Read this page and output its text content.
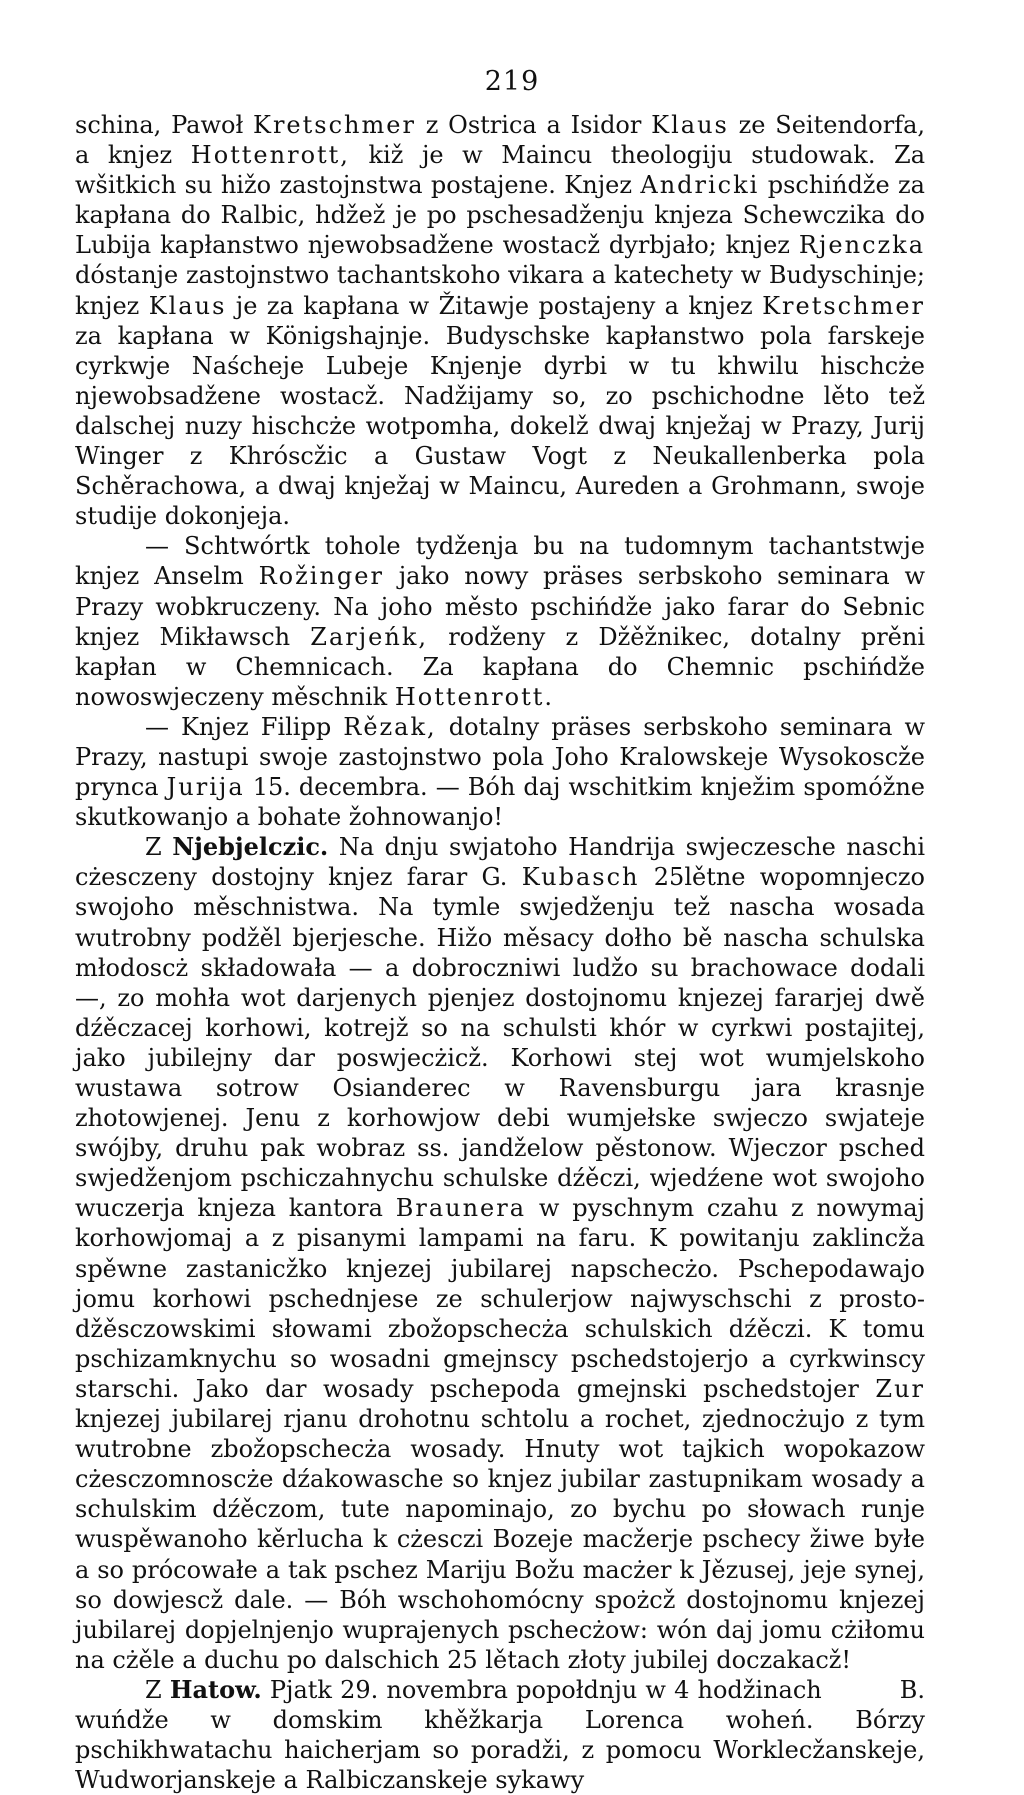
219

schina, Pawoł Kretschmer z Ostrica a Isidor Klaus ze Seitendorfa, a knjez Hottenrott, kiž je w Maincu theologiju studowak. Za wšitkich su hižo zastojnstwa postajene. Knjez Andricki pschińdže za kapłana do Ralbic, hdžež je po pschesadženju knjeza Schewczika do Lubija kapłanstwo njewobsadžene wostacž dyrbjało; knjez Rjenczka dóstanje zastojnstwo tachantskoho vikara a katechety w Budyschinje; knjez Klaus je za kapłana w Žitawje postajeny a knjez Kretschmer za kapłana w Königshajnje. Budyschske kapłanstwo pola farskeje cyrkwje Naścheje Lubeje Knjenje dyrbi w tu khwilu hischcże njewobsadžene wostacž. Nadžijamy so, zo pschichodne lěto tež dalschej nuzy hischcże wotpomha, dokelž dwaj knježaj w Prazy, Jurij Winger z Khróscžic a Gustaw Vogt z Neukallenberka pola Schěrachowa, a dwaj knježaj w Maincu, Aureden a Grohmann, swoje studije dokonjeja.

— Schtwórtk tohole tydženja bu na tudomnym tachantstwje knjez Anselm Rožinger jako nowy präses serbskoho seminara w Prazy wobkruczeny. Na joho město pschińdže jako farar do Sebnic knjez Mikławsch Zarjeńk, rodženy z Džěžnikec, dotalny prěni kapłan w Chemnicach. Za kapłana do Chemnic pschińdže nowoswjeczeny měschnik Hottenrott.

— Knjez Filipp Rězak, dotalny präses serbskoho seminara w Prazy, nastupi swoje zastojnstwo pola Joho Kralowskeje Wysokoscže prynca Jurija 15. decembra. — Bóh daj wschitkim knježim spomóžne skutkowanjo a bohate žohnowanjo!

Z Njebjelczic. Na dnju swjatoho Handrija swjeczesche naschi cżesczeny dostojny knjez farar G. Kubasch 25lětne wopomnjeczo swojoho měschnistwa. Na tymle swjedženju tež nascha wosada wutrobny podžěl bjerjesche. Hižo měsacy dołho bě nascha schulska młodoscż składowała — a dobroczniwi ludžo su brachowace dodali —, zo mohła wot darjenych pjenjez dostojnomu knjezej fararjej dwě dźěczacej korhowi, kotrejž so na schulsti khór w cyrkwi postajitej, jako jubilejny dar poswjecżicž. Korhowi stej wot wumjelskoho wustawa sotrow Osianderec w Ravensburgu jara krasnje zhotowjenej. Jenu z korhowjow debi wumjełske swjeczo swjateje swójby, druhu pak wobraz ss. jandželow pěstonow. Wjeczor psched swjedženjom pschiczahnychu schulske dźěczi, wjedźene wot swojoho wuczerja knjeza kantora Braunera w pyschnym czahu z nowymaj korhowjomaj a z pisanymi lampami na faru. K powitanju zaklincža spěwne zastanicžko knjezej jubilarej napschecżo. Pschepodawajo jomu korhowi pschednjese ze schulerjow najwyschschi z prosto-džěsczowskimi słowami zbožopschecża schulskich dźěczi. K tomu pschizamknychu so wosadni gmejnscy pschedstojerjo a cyrkwinscy starschi. Jako dar wosady pschepoda gmejnski pschedstojer Zur knjezej jubilarej rjanu drohotnu schtolu a rochet, zjednocżujo z tym wutrobne zbožopschecża wosady. Hnuty wot tajkich wopokazow cżesczomnoscże dźakowasche so knjez jubilar zastupnikam wosady a schulskim dźěczom, tute napominajo, zo bychu po słowach runje wuspěwanoho kěrlucha k cżesczi Bozeje macžerje pschecy žiwe byłe a so prócowałe a tak pschez Mariju Božu macżer k Jězusej, jeje synej, so dowjescž dale. — Bóh wschohomócny spożcž dostojnomu knjezej jubilarej dopjelnjenjo wuprajenych pschecżow: wón daj jomu cżiłomu na cżěle a duchu po dalschich 25 lětach złoty jubilej doczakacž!
B.

Z Hatow. Pjatk 29. novembra popołdnju w 4 hodžinach wuńdže w domskim khěžkarja Lorenca woheń. Bórzy pschikhwatachu haicherjam so poradži, z pomocu Worklecžanskeje, Wudworjanskeje a Ralbiczanskeje sykawy
